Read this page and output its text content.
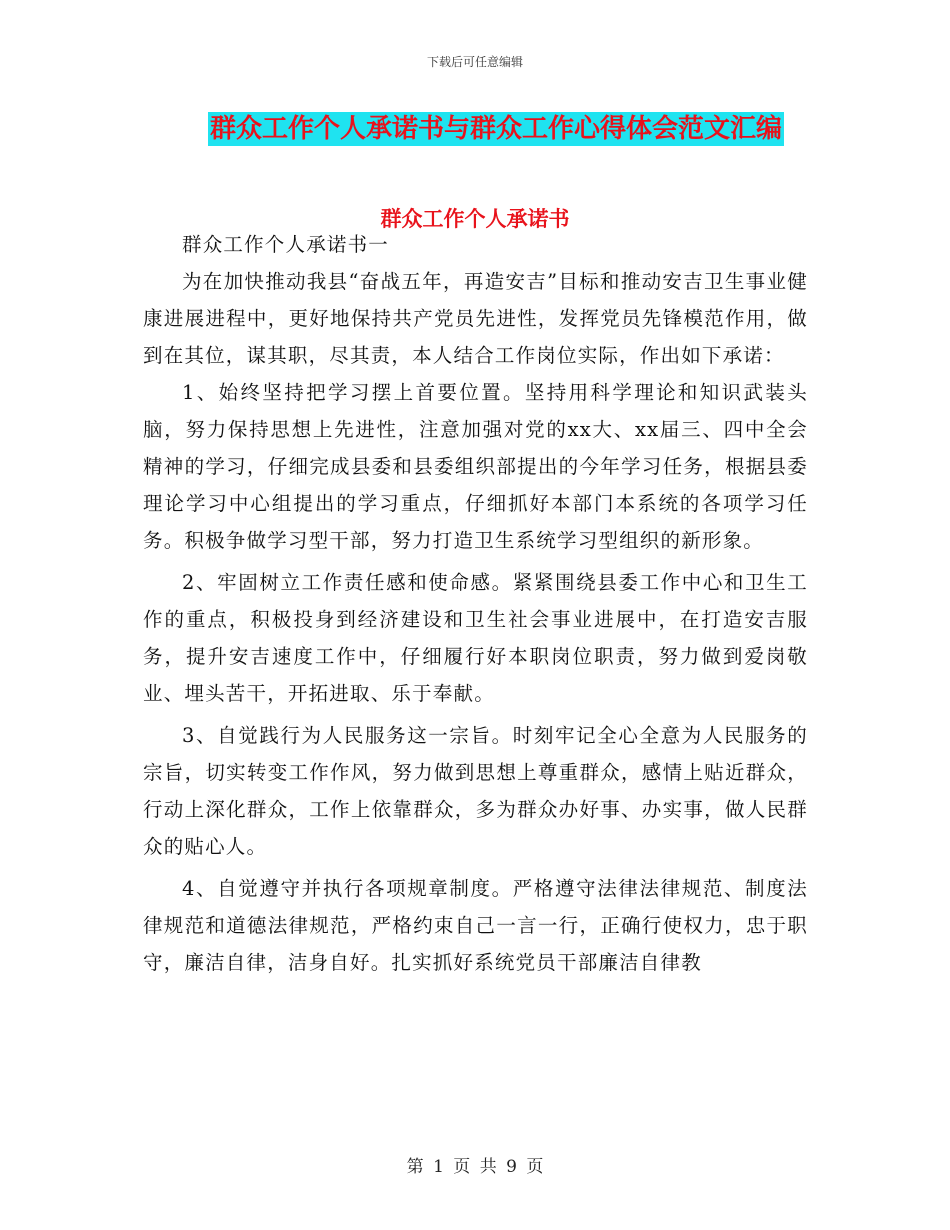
下载后可任意编辑
群众工作个人承诺书与群众工作心得体会范文汇编
群众工作个人承诺书

群众工作个人承诺书一

为在加快推动我县“奋战五年，再造安吉”目标和推动安吉卫生事业健康进展进程中，更好地保持共产党员先进性，发挥党员先锋模范作用，做到在其位，谋其职，尽其责，本人结合工作岗位实际，作出如下承诺：

1、始终坚持把学习摆上首要位置。坚持用科学理论和知识武装头脑，努力保持思想上先进性，注意加强对党的xx大、xx届三、四中全会精神的学习，仔细完成县委和县委组织部提出的今年学习任务，根据县委理论学习中心组提出的学习重点，仔细抓好本部门本系统的各项学习任务。积极争做学习型干部，努力打造卫生系统学习型组织的新形象。

2、牢固树立工作责任感和使命感。紧紧围绕县委工作中心和卫生工作的重点，积极投身到经济建设和卫生社会事业进展中，在打造安吉服务，提升安吉速度工作中，仔细履行好本职岗位职责，努力做到爱岗敬业、埋头苦干，开拓进取、乐于奉献。

3、自觉践行为人民服务这一宗旨。时刻牢记全心全意为人民服务的宗旨，切实转变工作作风，努力做到思想上尊重群众，感情上贴近群众，行动上深化群众，工作上依靠群众，多为群众办好事、办实事，做人民群众的贴心人。

4、自觉遵守并执行各项规章制度。严格遵守法律法律规范、制度法律规范和道德法律规范，严格约束自己一言一行，正确行使权力，忠于职守，廉洁自律，洁身自好。扎实抓好系统党员干部廉洁自律教

第 1 页 共 9 页
